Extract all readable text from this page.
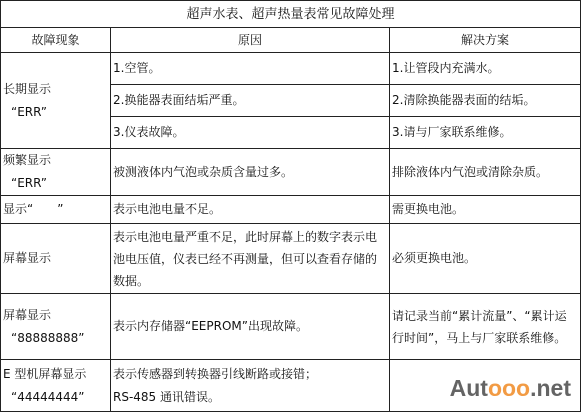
超声水表、超声热量表常见故障处理		
故障现象	原因	解决方案

长期显示
“ERR”	1.空管。	1.让管段内充满水。
	2.换能器表面结垢严重。	2.清除换能器表面的结垢。
	3.仪表故障。	3.请与厂家联系维修。

频繁显示
“ERR”	被测液体内气泡或杂质含量过多。	排除液体内气泡或清除杂质。
显示“　　”	表示电池电量不足。	需更换电池。
屏幕显示	表示电池电量严重不足，此时屏幕上的数字表示电池电压值，仪表已经不再测量，但可以查看存储的数据。	必须更换电池。

屏幕显示
“88888888”	表示内存储器“EEPROM”出现故障。	请记录当前“累计流量”、“累计运行时间”，马上与厂家联系维修。

E 型机屏幕显示
“44444444”	表示传感器到转换器引线断路或接错；
RS-485 通讯错误。	
		Autooo.net
